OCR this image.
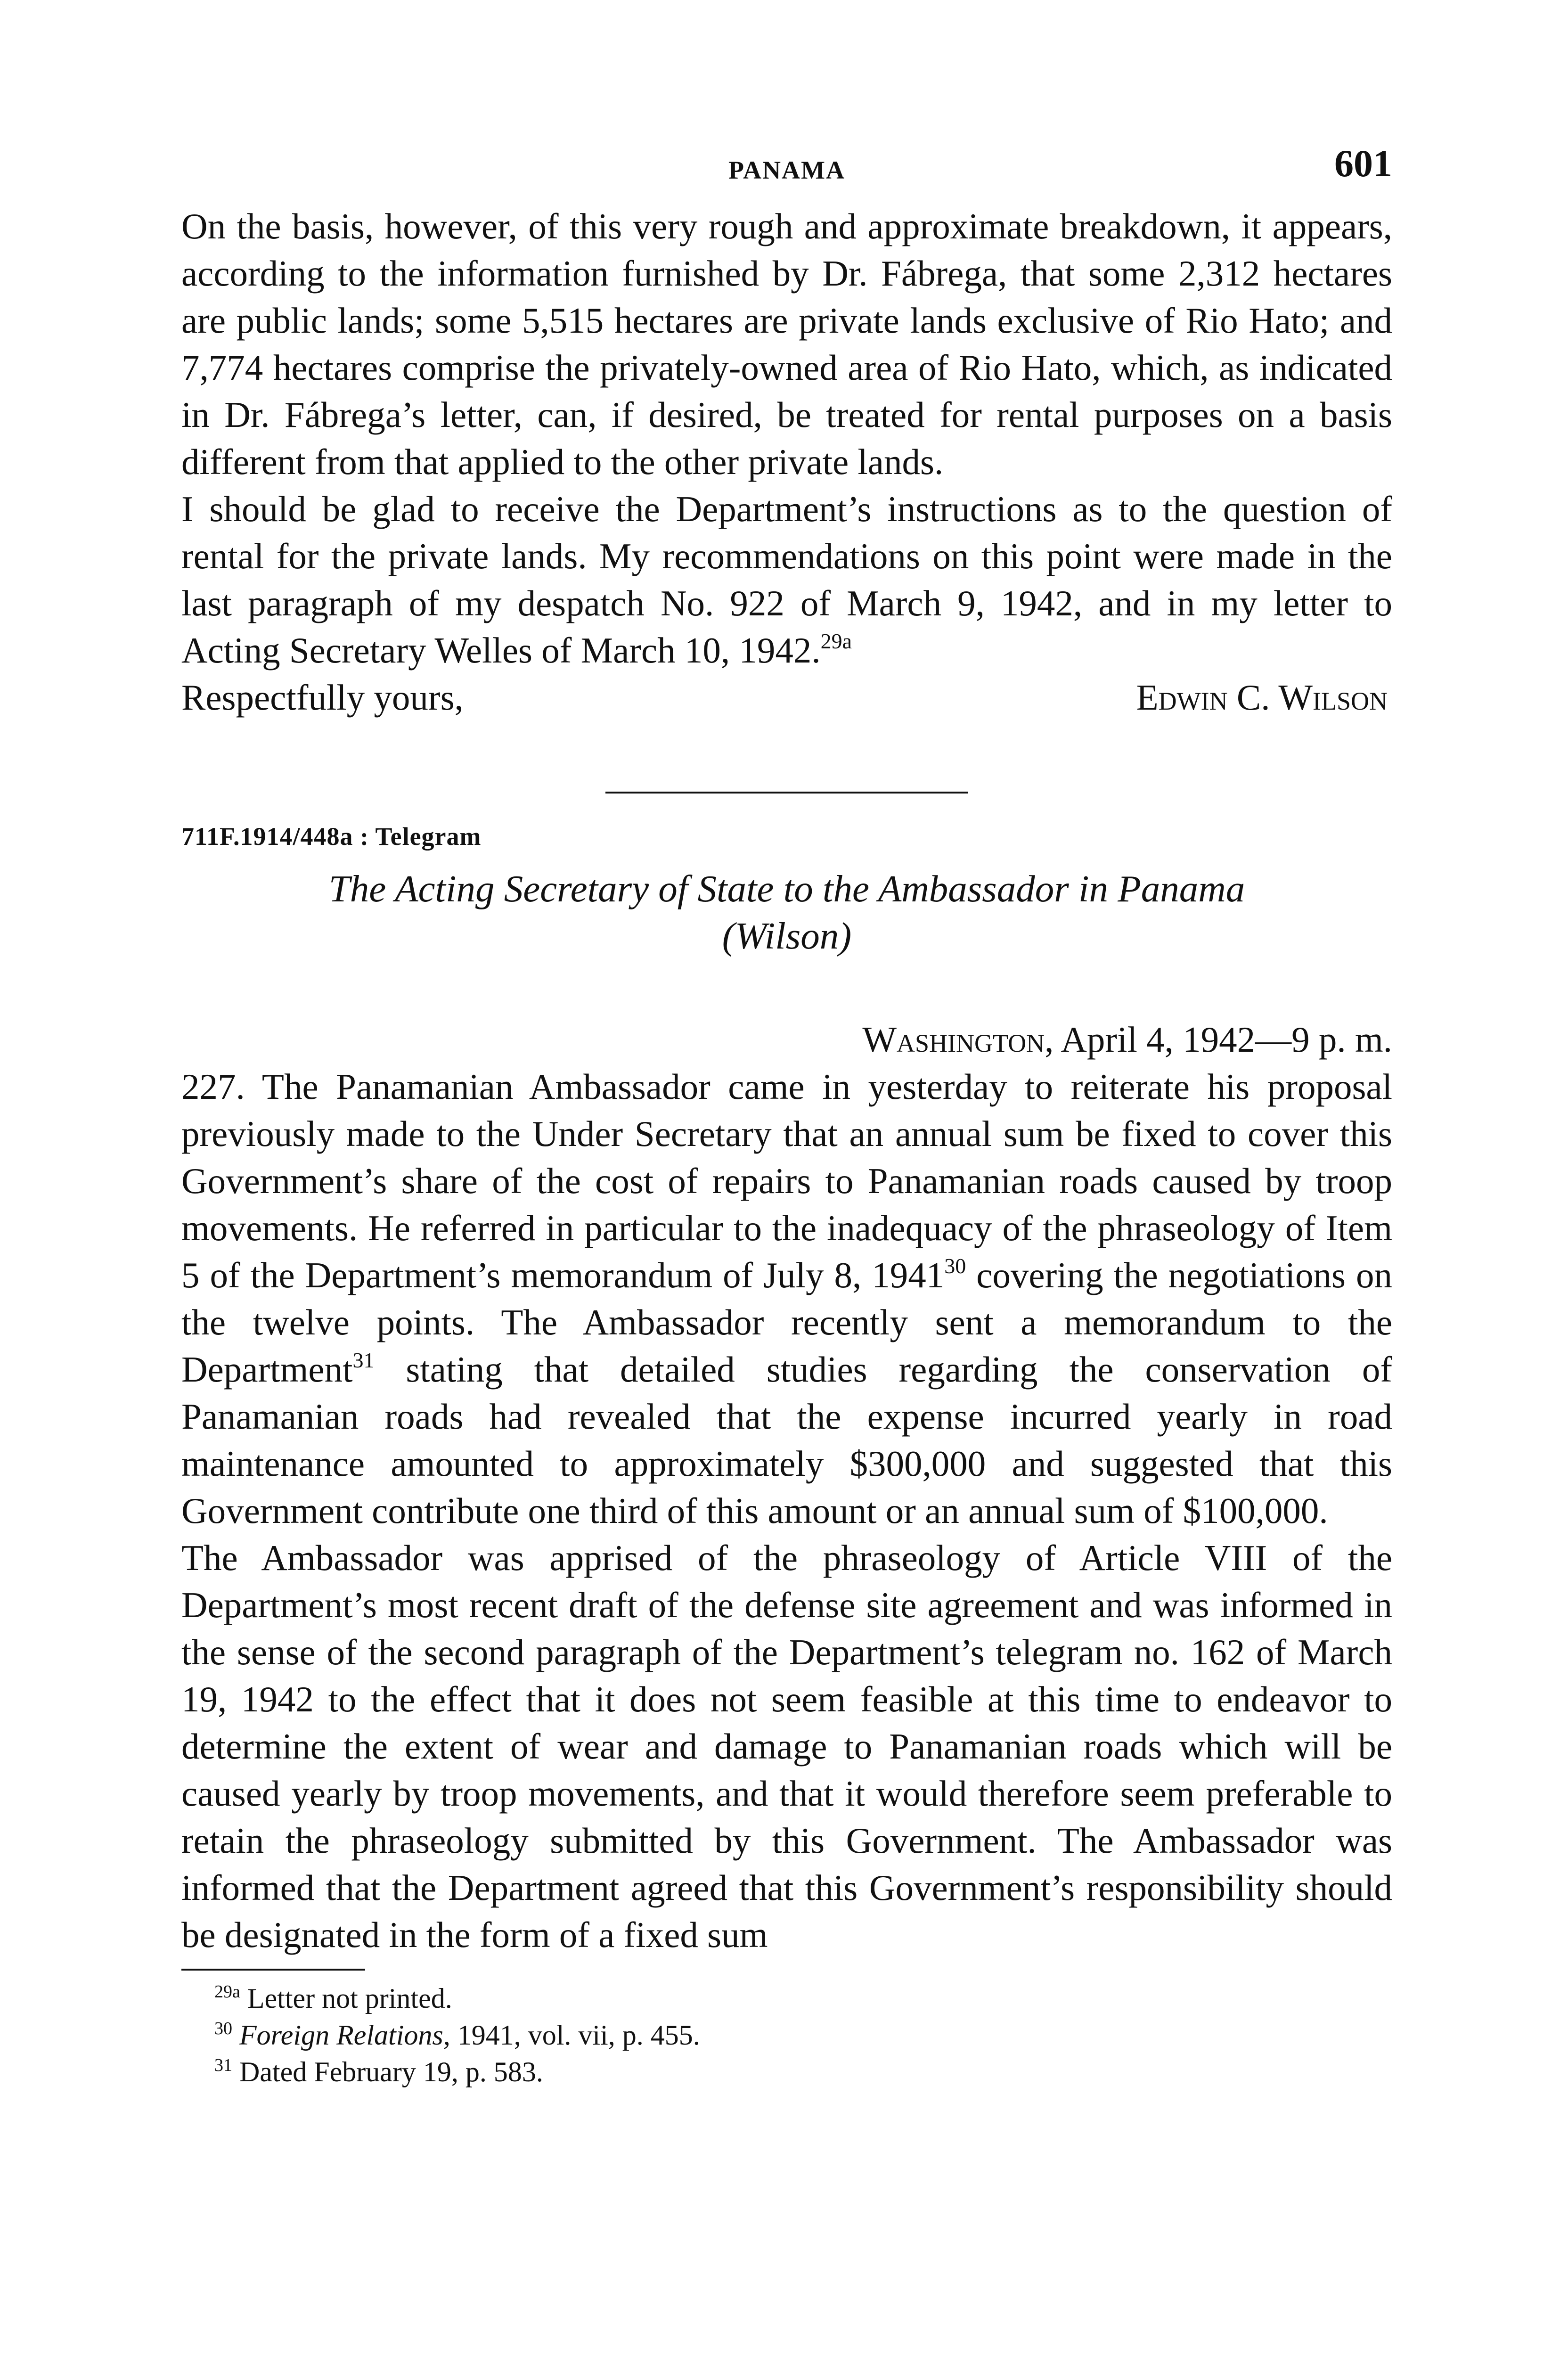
PANAMA	601

On the basis, however, of this very rough and approximate breakdown, it appears, according to the information furnished by Dr. Fábrega, that some 2,312 hectares are public lands; some 5,515 hectares are private lands exclusive of Rio Hato; and 7,774 hectares comprise the privately-owned area of Rio Hato, which, as indicated in Dr. Fábrega’s letter, can, if desired, be treated for rental purposes on a basis different from that applied to the other private lands.

I should be glad to receive the Department’s instructions as to the question of rental for the private lands. My recommendations on this point were made in the last paragraph of my despatch No. 922 of March 9, 1942, and in my letter to Acting Secretary Welles of March 10, 1942.$^{29a}$

Respectfully yours,	Edwin C. Wilson
711F.1914/448a : Telegram
The Acting Secretary of State to the Ambassador in Panama
(Wilson)
Washington, April 4, 1942—9 p. m.

227. The Panamanian Ambassador came in yesterday to reiterate his proposal previously made to the Under Secretary that an annual sum be fixed to cover this Government’s share of the cost of repairs to Panamanian roads caused by troop movements. He referred in particular to the inadequacy of the phraseology of Item 5 of the Department’s memorandum of July 8, 1941$^{30}$ covering the negotiations on the twelve points. The Ambassador recently sent a memorandum to the Department$^{31}$ stating that detailed studies regarding the conservation of Panamanian roads had revealed that the expense incurred yearly in road maintenance amounted to approximately $300,000 and suggested that this Government contribute one third of this amount or an annual sum of $100,000.

The Ambassador was apprised of the phraseology of Article VIII of the Department’s most recent draft of the defense site agreement and was informed in the sense of the second paragraph of the Department’s telegram no. 162 of March 19, 1942 to the effect that it does not seem feasible at this time to endeavor to determine the extent of wear and damage to Panamanian roads which will be caused yearly by troop movements, and that it would therefore seem preferable to retain the phraseology submitted by this Government. The Ambassador was informed that the Department agreed that this Government’s responsibility should be designated in the form of a fixed sum

$^{29a}$ Letter not printed.
$^{30}$ Foreign Relations, 1941, vol. vii, p. 455.
$^{31}$ Dated February 19, p. 583.
